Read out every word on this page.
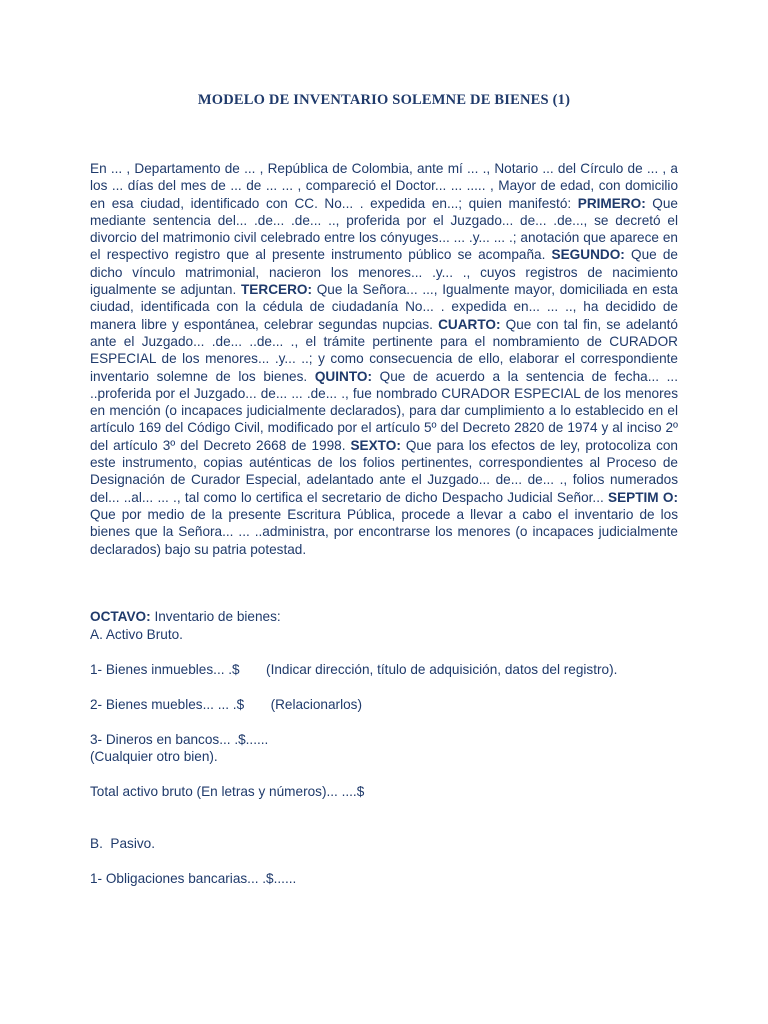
MODELO DE INVENTARIO SOLEMNE DE BIENES (1)

En ... , Departamento de ... , República de Colombia, ante mí ... ., Notario ... del Círculo de ... , a los ... días del mes de ... de ... ... , compareció el Doctor... ... ..... , Mayor de edad, con domicilio en esa ciudad, identificado con CC. No... . expedida en...; quien manifestó: PRIMERO: Que mediante sentencia del... .de... .de... .., proferida por el Juzgado... de... .de..., se decretó el divorcio del matrimonio civil celebrado entre los cónyuges... ... .y... ... .; anotación que aparece en el respectivo registro que al presente instrumento público se acompaña. SEGUNDO: Que de dicho vínculo matrimonial, nacieron los menores... .y... ., cuyos registros de nacimiento igualmente se adjuntan. TERCERO: Que la Señora... ..., Igualmente mayor, domiciliada en esta ciudad, identificada con la cédula de ciudadanía No... . expedida en... ... .., ha decidido de manera libre y espontánea, celebrar segundas nupcias. CUARTO: Que con tal fin, se adelantó ante el Juzgado... .de... ..de... ., el trámite pertinente para el nombramiento de CURADOR ESPECIAL de los menores... .y... ..; y como consecuencia de ello, elaborar el correspondiente inventario solemne de los bienes. QUINTO: Que de acuerdo a la sentencia de fecha... ... ..proferida por el Juzgado... de... ... .de... ., fue nombrado CURADOR ESPECIAL de los menores en mención (o incapaces judicialmente declarados), para dar cumplimiento a lo establecido en el artículo 169 del Código Civil, modificado por el artículo 5º del Decreto 2820 de 1974 y al inciso 2º del artículo 3º del Decreto 2668 de 1998. SEXTO: Que para los efectos de ley, protocoliza con este instrumento, copias auténticas de los folios pertinentes, correspondientes al Proceso de Designación de Curador Especial, adelantado ante el Juzgado... de... de... ., folios numerados del... ..al... ... ., tal como lo certifica el secretario de dicho Despacho Judicial Señor... SEPTIM O: Que por medio de la presente Escritura Pública, procede a llevar a cabo el inventario de los bienes que la Señora... ... ..administra, por encontrarse los menores (o incapaces judicialmente declarados) bajo su patria potestad.

OCTAVO: Inventario de bienes:
A. Activo Bruto.
1- Bienes inmuebles... .$       (Indicar dirección, título de adquisición, datos del registro).
2- Bienes muebles... ... .$       (Relacionarlos)
3- Dineros en bancos... .$......
(Cualquier otro bien).
Total activo bruto (En letras y números)... ....$
B.  Pasivo.
1- Obligaciones bancarias... .$......
